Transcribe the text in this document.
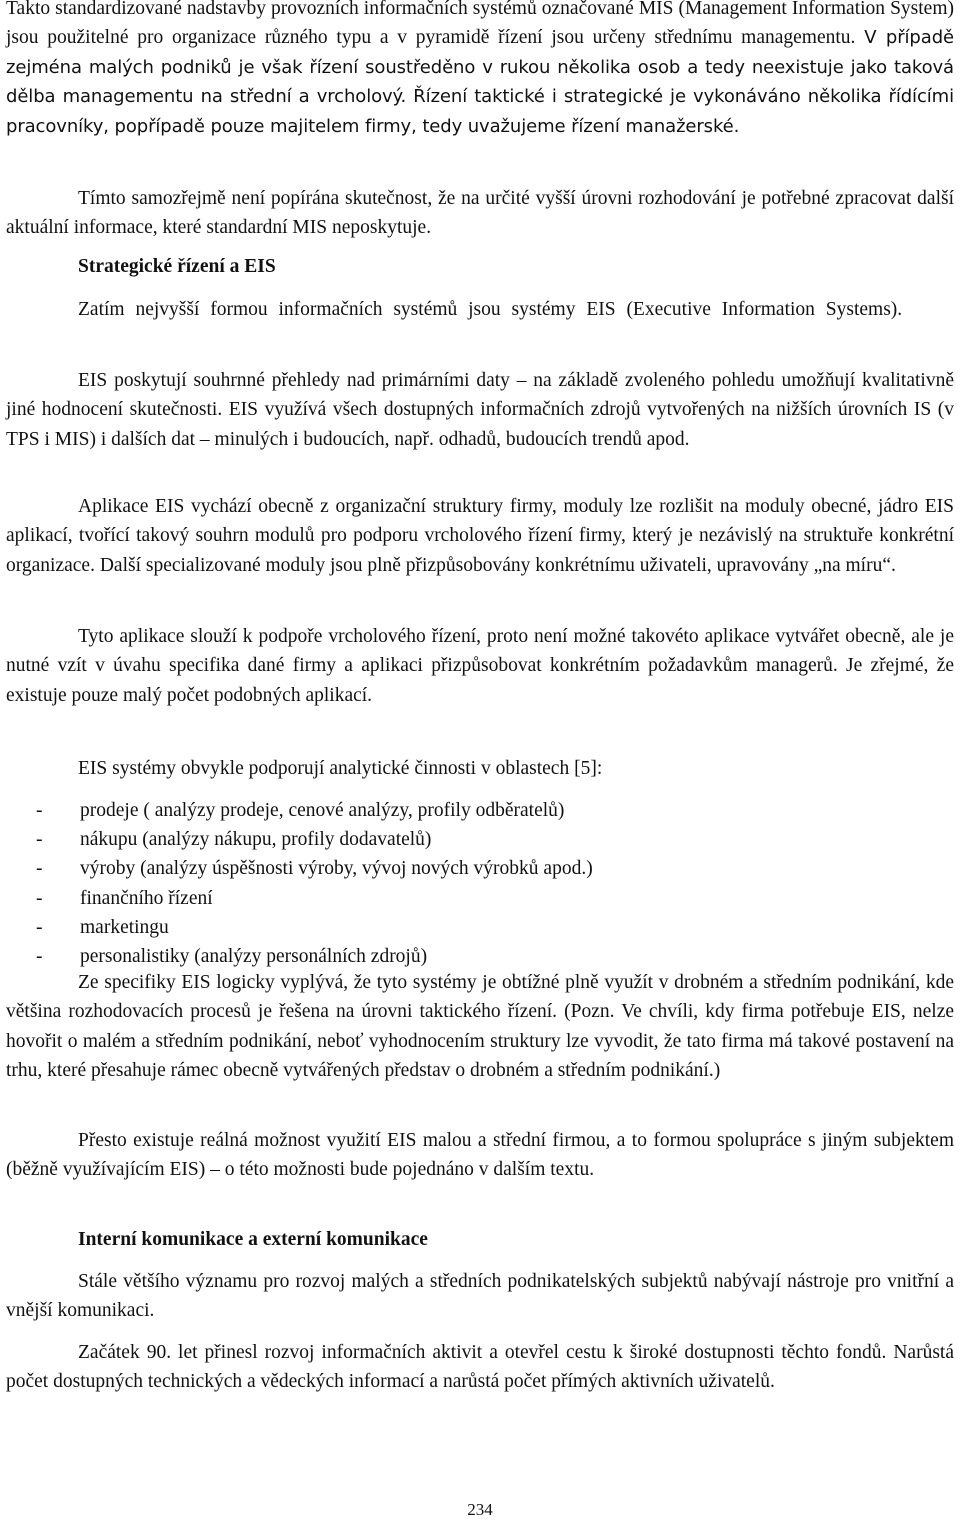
Takto standardizované nadstavby provozních informačních systémů označované MIS (Management Information System) jsou použitelné pro organizace různého typu a v pyramidě řízení jsou určeny střednímu managementu. V případě zejména malých podniků je však řízení soustředěno v rukou několika osob a tedy neexistuje jako taková dělba managementu na střední a vrcholový. Řízení taktické i strategické je vykonáváno několika řídícími pracovníky, popřípadě pouze majitelem firmy, tedy uvažujeme řízení manažerské.

Tímto samozřejmě není popírána skutečnost, že na určité vyšší úrovni rozhodování je potřebné zpracovat další aktuální informace, které standardní MIS neposkytuje.

Strategické řízení a EIS

Zatím nejvyšší formou informačních systémů jsou systémy EIS (Executive Information Systems).

EIS poskytují souhrnné přehledy nad primárními daty – na základě zvoleného pohledu umožňují kvalitativně jiné hodnocení skutečnosti. EIS využívá všech dostupných informačních zdrojů vytvořených na nižších úrovních IS (v TPS i MIS) i dalších dat – minulých i budoucích, např. odhadů, budoucích trendů apod.

Aplikace EIS vychází obecně z organizační struktury firmy, moduly lze rozlišit na moduly obecné, jádro EIS aplikací, tvořící takový souhrn modulů pro podporu vrcholového řízení firmy, který je nezávislý na struktuře konkrétní organizace. Další specializované moduly jsou plně přizpůsobovány konkrétnímu uživateli, upravovány „na míru“.

Tyto aplikace slouží k podpoře vrcholového řízení, proto není možné takovéto aplikace vytvářet obecně, ale je nutné vzít v úvahu specifika dané firmy a aplikaci přizpůsobovat konkrétním požadavkům managerů. Je zřejmé, že existuje pouze malý počet podobných aplikací.

EIS systémy obvykle podporují analytické činnosti v oblastech [5]:

- prodeje ( analýzy prodeje, cenové analýzy, profily odběratelů)
- nákupu (analýzy nákupu, profily dodavatelů)
- výroby (analýzy úspěšnosti výroby, vývoj nových výrobků apod.)
- finančního řízení
- marketingu
- personalistiky (analýzy personálních zdrojů)

Ze specifiky EIS logicky vyplývá, že tyto systémy je obtížné plně využít v drobném a středním podnikání, kde většina rozhodovacích procesů je řešena na úrovni taktického řízení. (Pozn. Ve chvíli, kdy firma potřebuje EIS, nelze hovořit o malém a středním podnikání, neboť vyhodnocením struktury lze vyvodit, že tato firma má takové postavení na trhu, které přesahuje rámec obecně vytvářených představ o drobném a středním podnikání.)

Přesto existuje reálná možnost využití EIS malou a střední firmou, a to formou spolupráce s jiným subjektem (běžně využívajícím EIS) – o této možnosti bude pojednáno v dalším textu.

Interní komunikace a externí komunikace

Stále většího významu pro rozvoj malých a středních podnikatelských subjektů nabývají nástroje pro vnitřní a vnější komunikaci.

Začátek 90. let přinesl rozvoj informačních aktivit a otevřel cestu k široké dostupnosti těchto fondů. Narůstá počet dostupných technických a vědeckých informací a narůstá počet přímých aktivních uživatelů.

234
